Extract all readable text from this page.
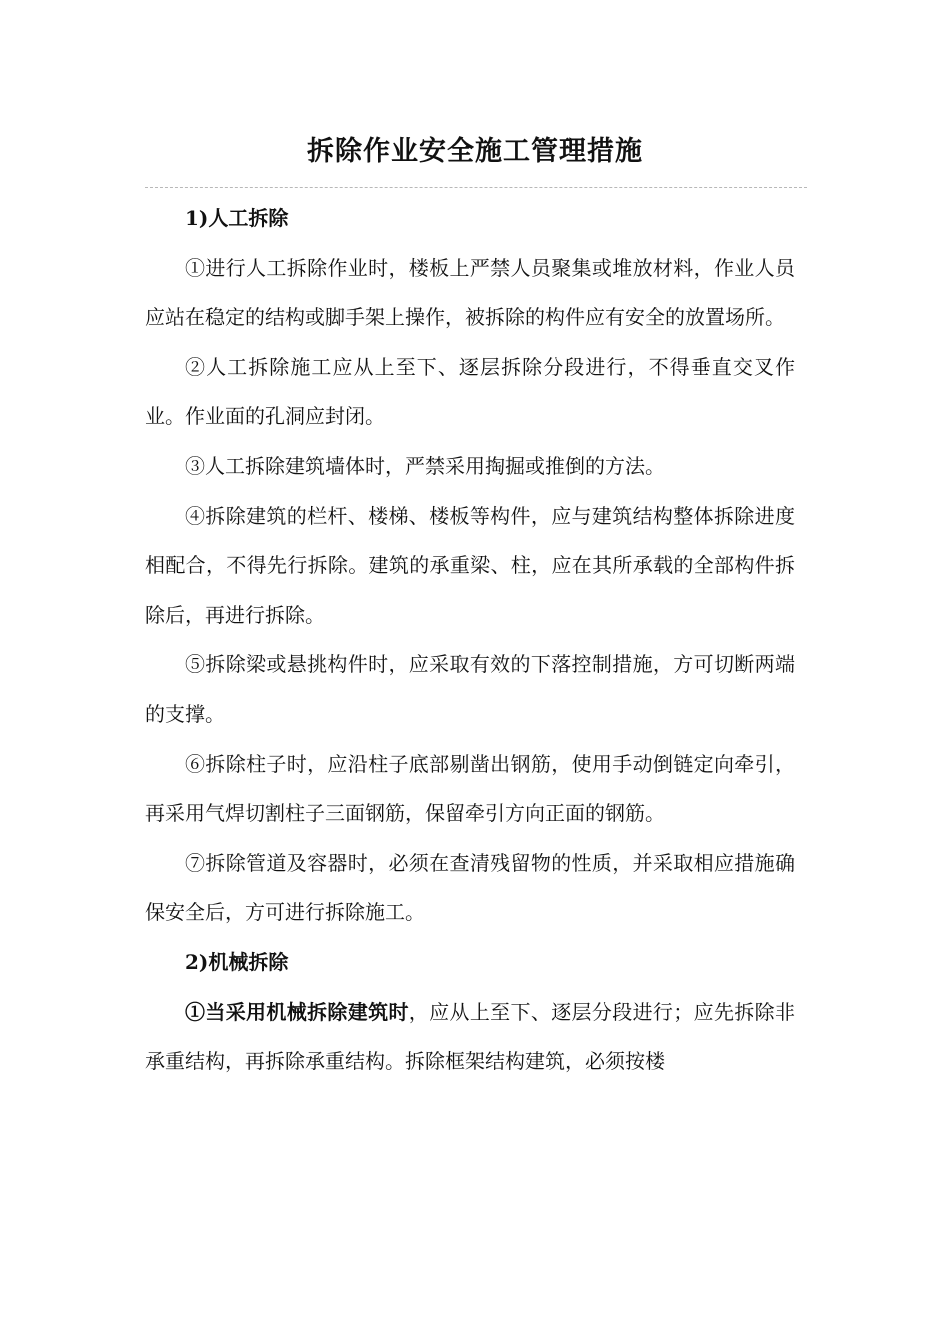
拆除作业安全施工管理措施

1)人工拆除

①进行人工拆除作业时，楼板上严禁人员聚集或堆放材料，作业人员应站在稳定的结构或脚手架上操作，被拆除的构件应有安全的放置场所。

②人工拆除施工应从上至下、逐层拆除分段进行，不得垂直交叉作业。作业面的孔洞应封闭。

③人工拆除建筑墙体时，严禁采用掏掘或推倒的方法。

④拆除建筑的栏杆、楼梯、楼板等构件，应与建筑结构整体拆除进度相配合，不得先行拆除。建筑的承重梁、柱，应在其所承载的全部构件拆除后，再进行拆除。

⑤拆除梁或悬挑构件时，应采取有效的下落控制措施，方可切断两端的支撑。

⑥拆除柱子时，应沿柱子底部剔凿出钢筋，使用手动倒链定向牵引，再采用气焊切割柱子三面钢筋，保留牵引方向正面的钢筋。

⑦拆除管道及容器时，必须在查清残留物的性质，并采取相应措施确保安全后，方可进行拆除施工。

2)机械拆除

①当采用机械拆除建筑时，应从上至下、逐层分段进行；应先拆除非承重结构，再拆除承重结构。拆除框架结构建筑，必须按楼
